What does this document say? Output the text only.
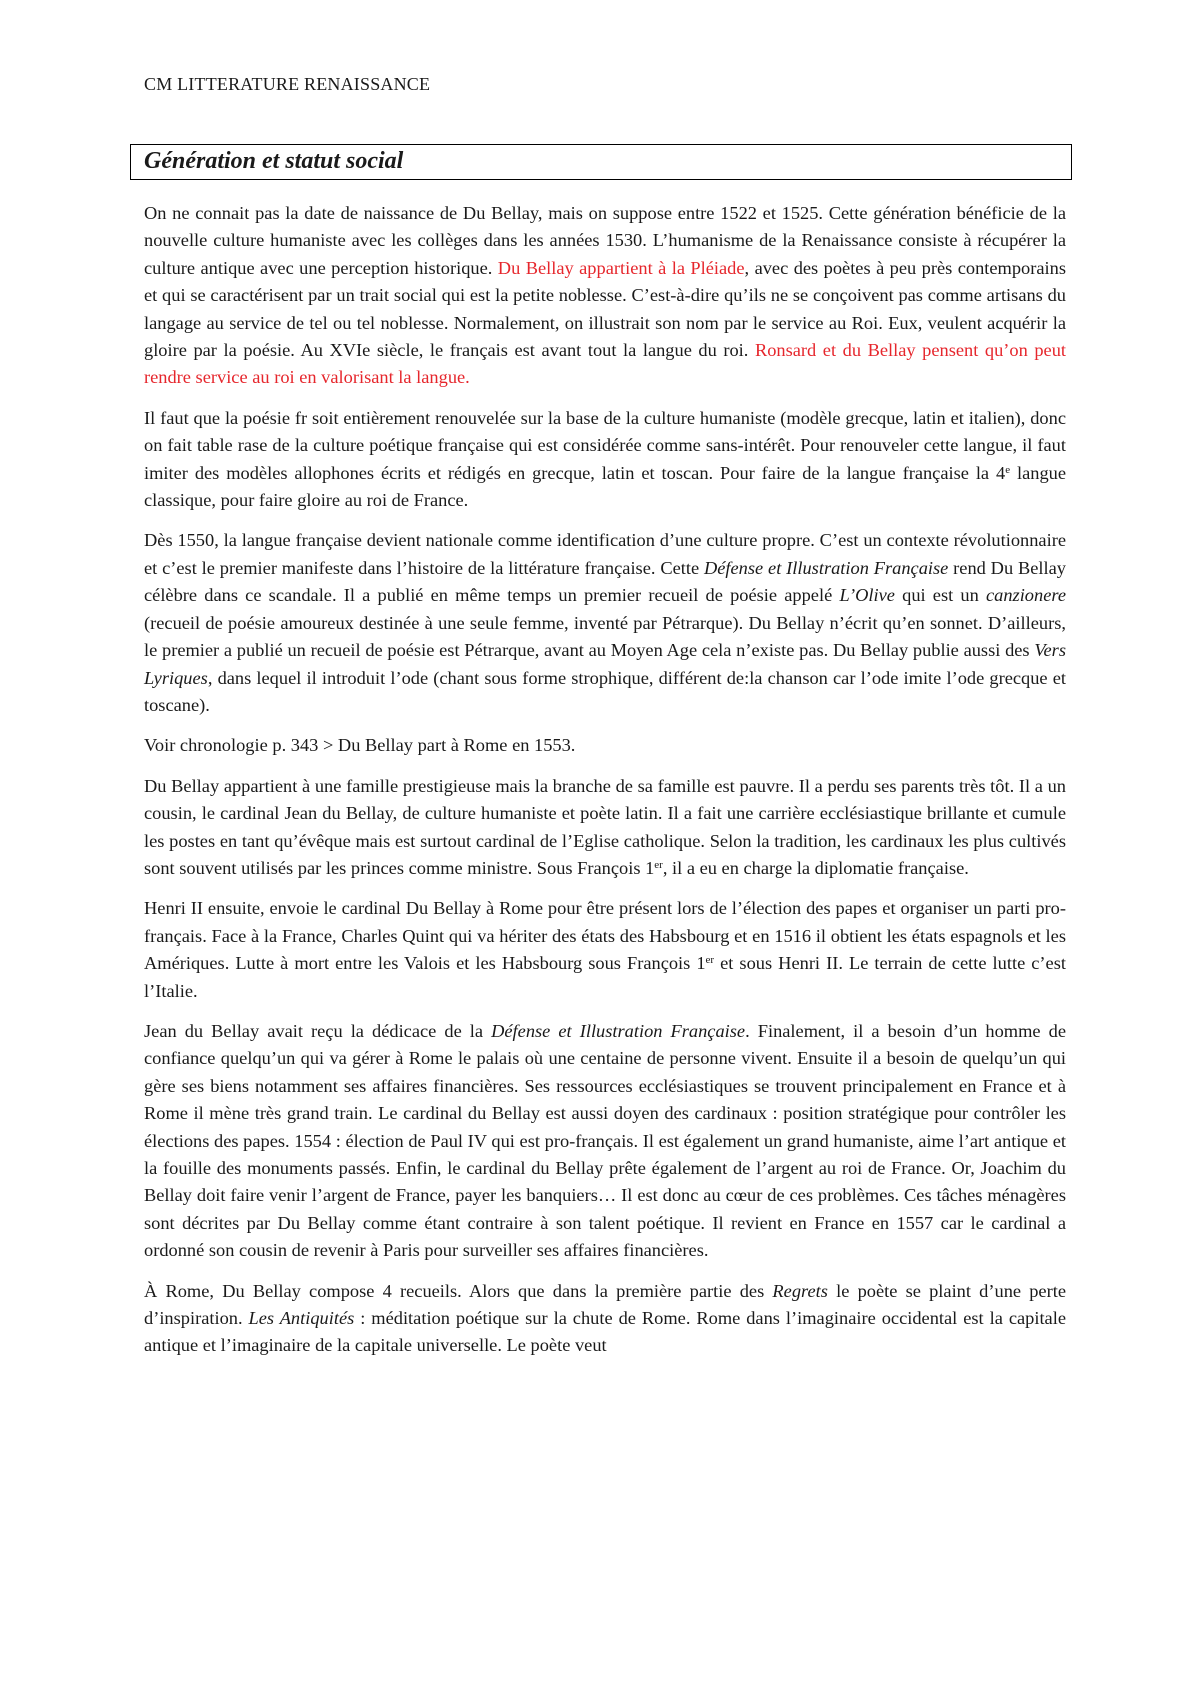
CM LITTERATURE RENAISSANCE
Génération et statut social

On ne connait pas la date de naissance de Du Bellay, mais on suppose entre 1522 et 1525. Cette génération bénéficie de la nouvelle culture humaniste avec les collèges dans les années 1530. L’humanisme de la Renaissance consiste à récupérer la culture antique avec une perception historique. Du Bellay appartient à la Pléiade, avec des poètes à peu près contemporains et qui se caractérisent par un trait social qui est la petite noblesse. C’est-à-dire qu’ils ne se conçoivent pas comme artisans du langage au service de tel ou tel noblesse. Normalement, on illustrait son nom par le service au Roi. Eux, veulent acquérir la gloire par la poésie. Au XVIe siècle, le français est avant tout la langue du roi. Ronsard et du Bellay pensent qu’on peut rendre service au roi en valorisant la langue.

Il faut que la poésie fr soit entièrement renouvelée sur la base de la culture humaniste (modèle grecque, latin et italien), donc on fait table rase de la culture poétique française qui est considérée comme sans-intérêt. Pour renouveler cette langue, il faut imiter des modèles allophones écrits et rédigés en grecque, latin et toscan. Pour faire de la langue française la 4e langue classique, pour faire gloire au roi de France.

Dès 1550, la langue française devient nationale comme identification d’une culture propre. C’est un contexte révolutionnaire et c’est le premier manifeste dans l’histoire de la littérature française. Cette Défense et Illustration Française rend Du Bellay célèbre dans ce scandale. Il a publié en même temps un premier recueil de poésie appelé L’Olive qui est un canzionere (recueil de poésie amoureux destinée à une seule femme, inventé par Pétrarque). Du Bellay n’écrit qu’en sonnet. D’ailleurs, le premier a publié un recueil de poésie est Pétrarque, avant au Moyen Age cela n’existe pas. Du Bellay publie aussi des Vers Lyriques, dans lequel il introduit l’ode (chant sous forme strophique, différent de:la chanson car l’ode imite l’ode grecque et toscane).

Voir chronologie p. 343 > Du Bellay part à Rome en 1553.

Du Bellay appartient à une famille prestigieuse mais la branche de sa famille est pauvre. Il a perdu ses parents très tôt. Il a un cousin, le cardinal Jean du Bellay, de culture humaniste et poète latin. Il a fait une carrière ecclésiastique brillante et cumule les postes en tant qu’évêque mais est surtout cardinal de l’Eglise catholique. Selon la tradition, les cardinaux les plus cultivés sont souvent utilisés par les princes comme ministre. Sous François 1er, il a eu en charge la diplomatie française.

Henri II ensuite, envoie le cardinal Du Bellay à Rome pour être présent lors de l’élection des papes et organiser un parti pro-français. Face à la France, Charles Quint qui va hériter des états des Habsbourg et en 1516 il obtient les états espagnols et les Amériques. Lutte à mort entre les Valois et les Habsbourg sous François 1er et sous Henri II. Le terrain de cette lutte c’est l’Italie.

Jean du Bellay avait reçu la dédicace de la Défense et Illustration Française. Finalement, il a besoin d’un homme de confiance quelqu’un qui va gérer à Rome le palais où une centaine de personne vivent. Ensuite il a besoin de quelqu’un qui gère ses biens notamment ses affaires financières. Ses ressources ecclésiastiques se trouvent principalement en France et à Rome il mène très grand train. Le cardinal du Bellay est aussi doyen des cardinaux : position stratégique pour contrôler les élections des papes. 1554 : élection de Paul IV qui est pro-français. Il est également un grand humaniste, aime l’art antique et la fouille des monuments passés. Enfin, le cardinal du Bellay prête également de l’argent au roi de France. Or, Joachim du Bellay doit faire venir l’argent de France, payer les banquiers… Il est donc au cœur de ces problèmes. Ces tâches ménagères sont décrites par Du Bellay comme étant contraire à son talent poétique. Il revient en France en 1557 car le cardinal a ordonné son cousin de revenir à Paris pour surveiller ses affaires financières.

À Rome, Du Bellay compose 4 recueils. Alors que dans la première partie des Regrets le poète se plaint d’une perte d’inspiration. Les Antiquités : méditation poétique sur la chute de Rome. Rome dans l’imaginaire occidental est la capitale antique et l’imaginaire de la capitale universelle. Le poète veut
